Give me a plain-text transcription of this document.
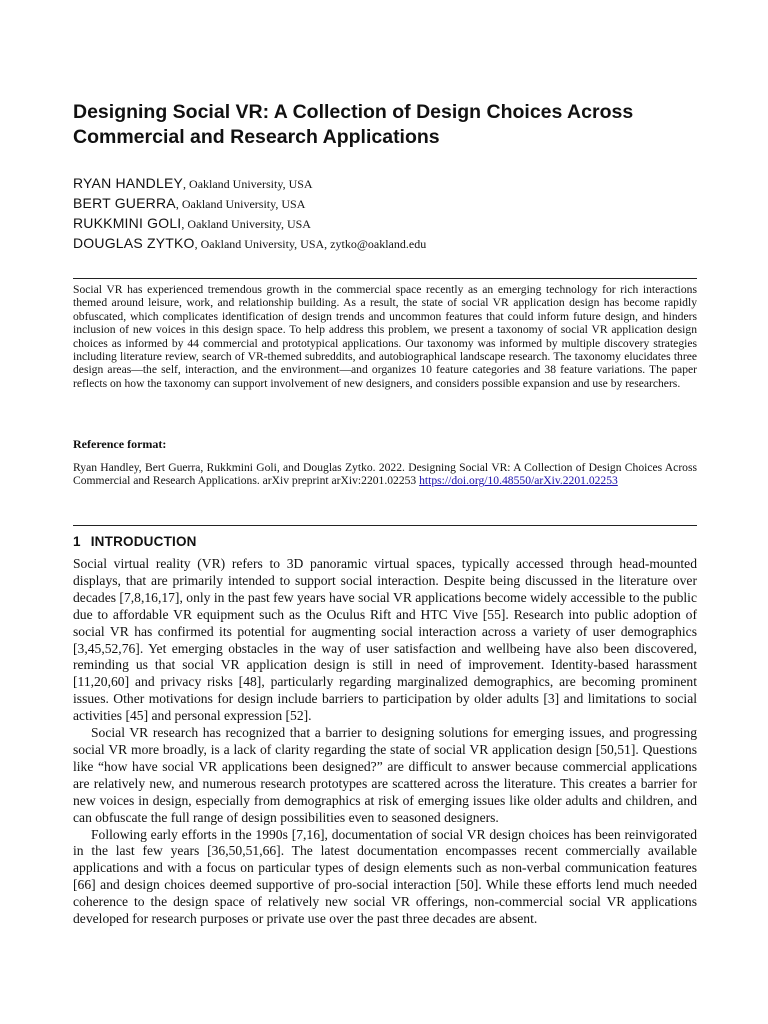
Designing Social VR: A Collection of Design Choices Across Commercial and Research Applications
RYAN HANDLEY, Oakland University, USA
BERT GUERRA, Oakland University, USA
RUKKMINI GOLI, Oakland University, USA
DOUGLAS ZYTKO, Oakland University, USA, zytko@oakland.edu

Social VR has experienced tremendous growth in the commercial space recently as an emerging technology for rich interactions themed around leisure, work, and relationship building. As a result, the state of social VR application design has become rapidly obfuscated, which complicates identification of design trends and uncommon features that could inform future design, and hinders inclusion of new voices in this design space. To help address this problem, we present a taxonomy of social VR application design choices as informed by 44 commercial and prototypical applications. Our taxonomy was informed by multiple discovery strategies including literature review, search of VR-themed subreddits, and autobiographical landscape research. The taxonomy elucidates three design areas—the self, interaction, and the environment—and organizes 10 feature categories and 38 feature variations. The paper reflects on how the taxonomy can support involvement of new designers, and considers possible expansion and use by researchers.

Reference format:

Ryan Handley, Bert Guerra, Rukkmini Goli, and Douglas Zytko. 2022. Designing Social VR: A Collection of Design Choices Across Commercial and Research Applications. arXiv preprint arXiv:2201.02253 https://doi.org/10.48550/arXiv.2201.02253

1 INTRODUCTION

Social virtual reality (VR) refers to 3D panoramic virtual spaces, typically accessed through head-mounted displays, that are primarily intended to support social interaction. Despite being discussed in the literature over decades [7,8,16,17], only in the past few years have social VR applications become widely accessible to the public due to affordable VR equipment such as the Oculus Rift and HTC Vive [55]. Research into public adoption of social VR has confirmed its potential for augmenting social interaction across a variety of user demographics [3,45,52,76]. Yet emerging obstacles in the way of user satisfaction and wellbeing have also been discovered, reminding us that social VR application design is still in need of improvement. Identity-based harassment [11,20,60] and privacy risks [48], particularly regarding marginalized demographics, are becoming prominent issues. Other motivations for design include barriers to participation by older adults [3] and limitations to social activities [45] and personal expression [52].

Social VR research has recognized that a barrier to designing solutions for emerging issues, and progressing social VR more broadly, is a lack of clarity regarding the state of social VR application design [50,51]. Questions like “how have social VR applications been designed?” are difficult to answer because commercial applications are relatively new, and numerous research prototypes are scattered across the literature. This creates a barrier for new voices in design, especially from demographics at risk of emerging issues like older adults and children, and can obfuscate the full range of design possibilities even to seasoned designers.

Following early efforts in the 1990s [7,16], documentation of social VR design choices has been reinvigorated in the last few years [36,50,51,66]. The latest documentation encompasses recent commercially available applications and with a focus on particular types of design elements such as non-verbal communication features [66] and design choices deemed supportive of pro-social interaction [50]. While these efforts lend much needed coherence to the design space of relatively new social VR offerings, non-commercial social VR applications developed for research purposes or private use over the past three decades are absent.
